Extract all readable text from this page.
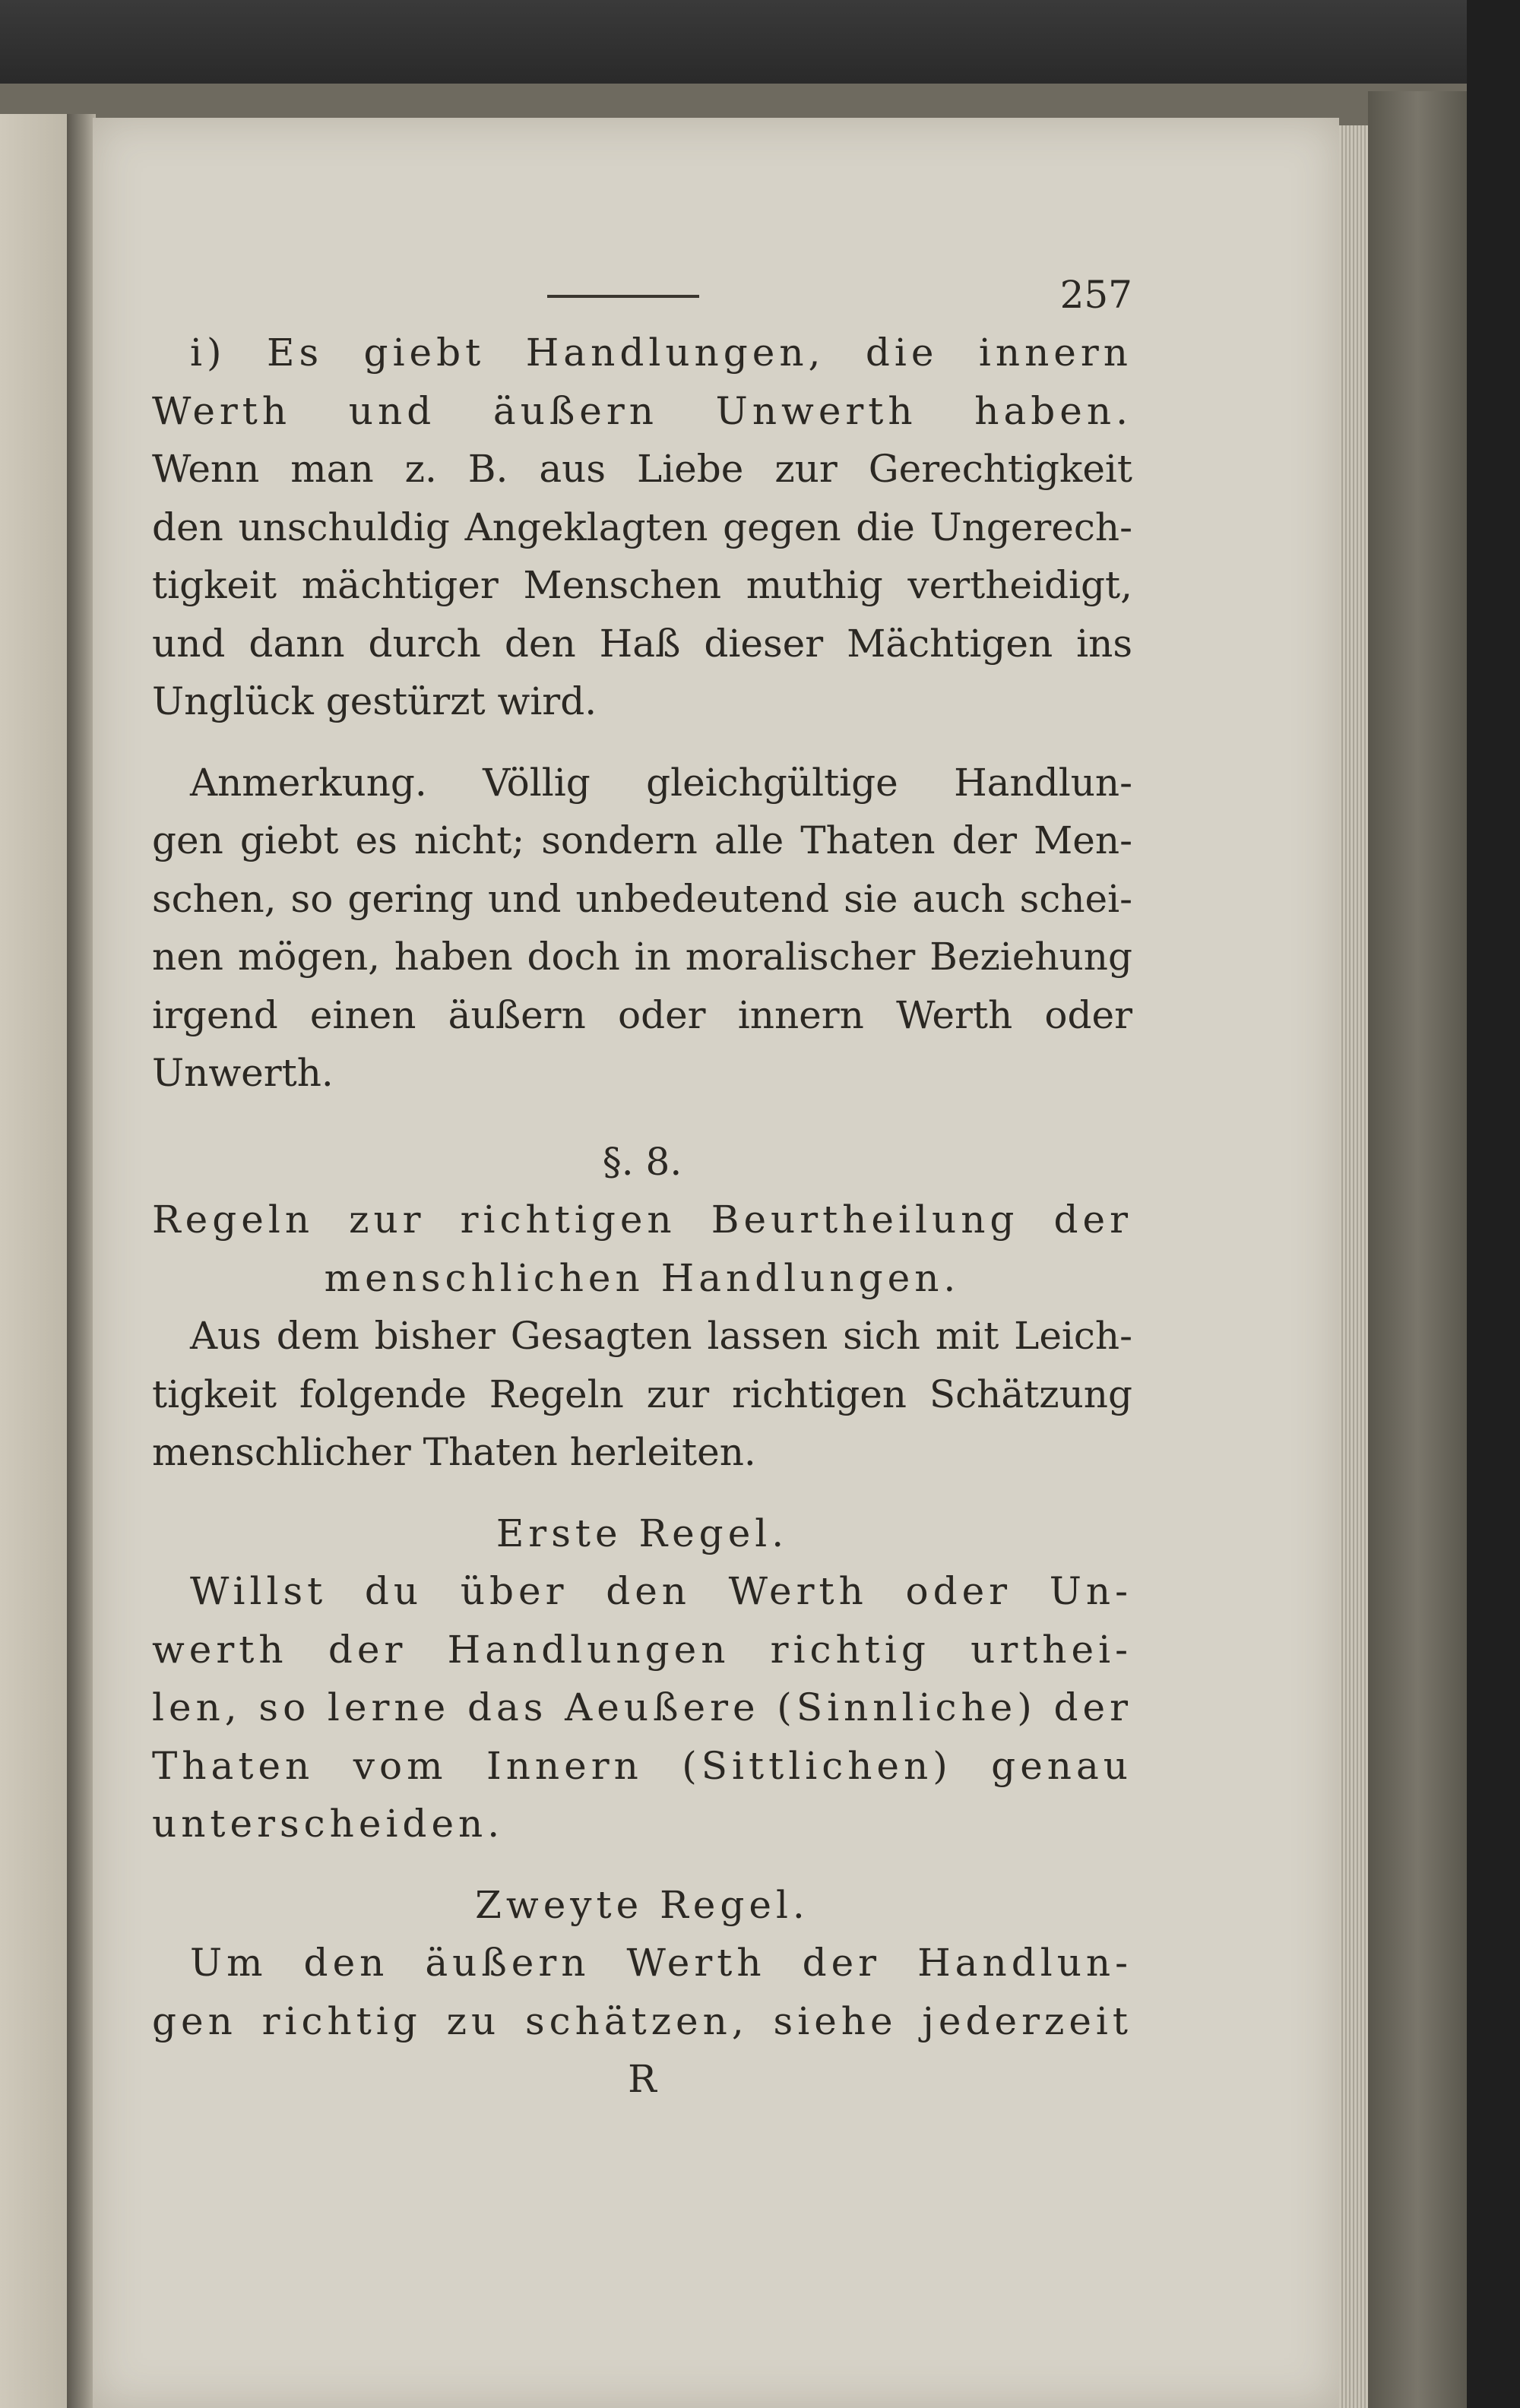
257
i) Es giebt Handlungen, die innern
Werth und äußern Unwerth haben.
Wenn man z. B. aus Liebe zur Gerechtigkeit
den unschuldig Angeklagten gegen die Ungerech-
tigkeit mächtiger Menschen muthig vertheidigt,
und dann durch den Haß dieser Mächtigen ins
Unglück gestürzt wird.
Anmerkung. Völlig gleichgültige Handlun-
gen giebt es nicht; sondern alle Thaten der Men-
schen, so gering und unbedeutend sie auch schei-
nen mögen, haben doch in moralischer Beziehung
irgend einen äußern oder innern Werth oder
Unwerth.
§. 8.
Regeln zur richtigen Beurtheilung der
menschlichen Handlungen.
Aus dem bisher Gesagten lassen sich mit Leich-
tigkeit folgende Regeln zur richtigen Schätzung
menschlicher Thaten herleiten.
Erste Regel.
Willst du über den Werth oder Un-
werth der Handlungen richtig urthei-
len, so lerne das Aeußere (Sinnliche) der
Thaten vom Innern (Sittlichen) genau
unterscheiden.
Zweyte Regel.
Um den äußern Werth der Handlun-
gen richtig zu schätzen, siehe jederzeit
R
